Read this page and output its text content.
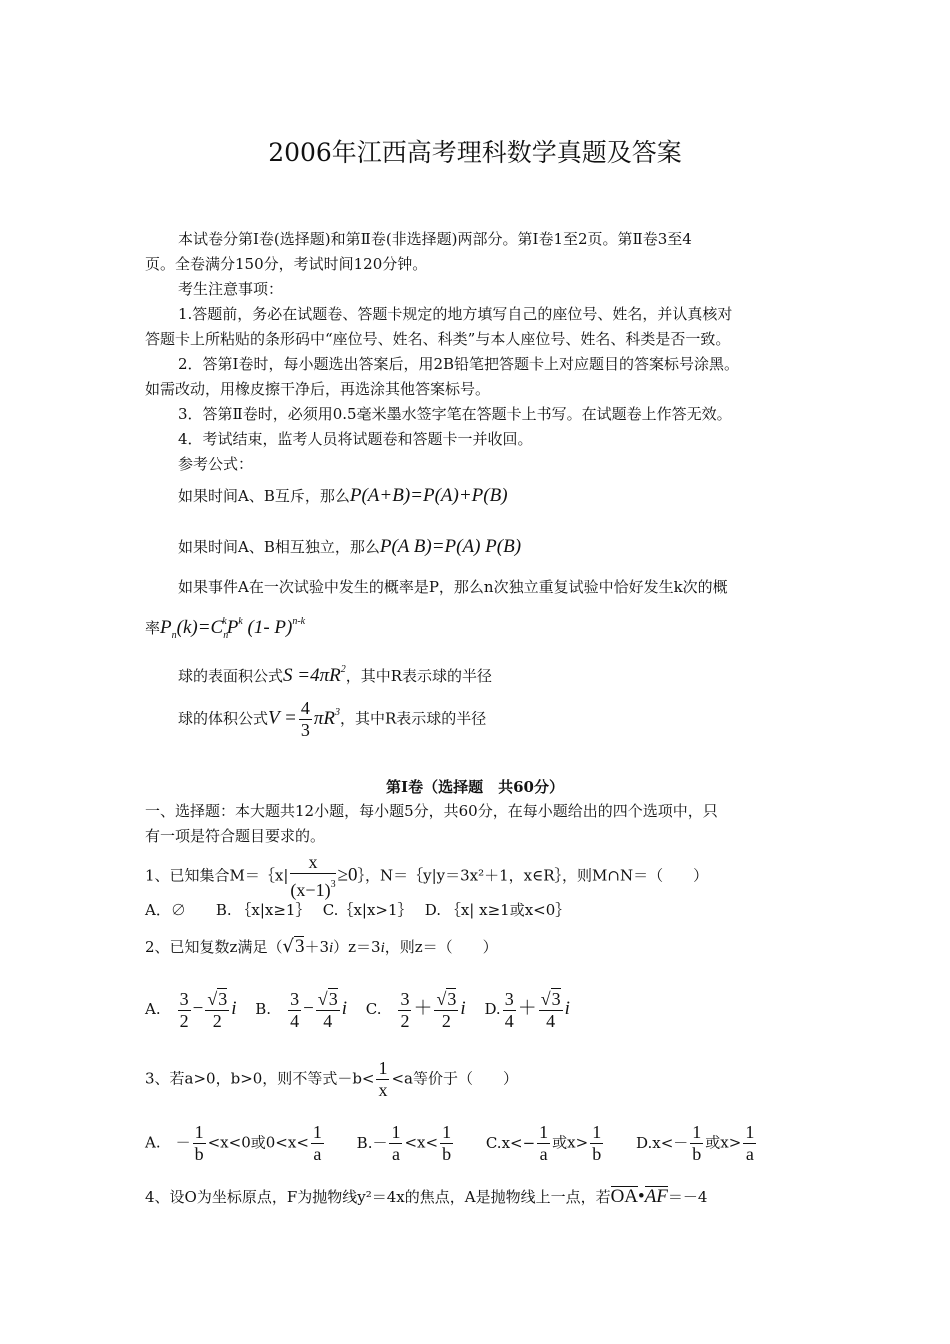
2006年江西高考理科数学真题及答案
本试卷分第Ⅰ卷(选择题)和第Ⅱ卷(非选择题)两部分。第Ⅰ卷1至2页。第Ⅱ卷3至4
页。全卷满分150分，考试时间120分钟。
考生注意事项：
1.答题前，务必在试题卷、答题卡规定的地方填写自己的座位号、姓名，并认真核对
答题卡上所粘贴的条形码中“座位号、姓名、科类”与本人座位号、姓名、科类是否一致。
2．答第Ⅰ卷时，每小题选出答案后，用2B铅笔把答题卡上对应题目的答案标号涂黑。
如需改动，用橡皮擦干净后，再选涂其他答案标号。
3．答第Ⅱ卷时，必须用0.5毫米墨水签字笔在答题卡上书写。在试题卷上作答无效。
4．考试结束，监考人员将试题卷和答题卡一并收回。
参考公式：
如果时间A、B互斥，那么P(A+B)=P(A)+P(B)
如果时间A、B相互独立，那么P(A B)=P(A) P(B)
如果事件A在一次试验中发生的概率是P，那么n次独立重复试验中恰好发生k次的概
率$P_n(k)=C_n^kP^k$ (1- P)$^{n-k}$
球的表面积公式$S =4\pi R^2$，其中R表示球的半径
球的体积公式$V = \frac{4}{3} \pi R^3$，其中R表示球的半径
第Ⅰ卷（选择题　共60分）
一、选择题：本大题共12小题，每小题5分，共60分，在每小题给出的四个选项中，只
有一项是符合题目要求的。
1、已知集合M＝｛x| $\frac{x}{(x-1)^3}$ ≥0｝，N＝｛y|y＝3x²＋1，x∈R｝，则M∩N＝（　　）
A．∅　　B. ｛x|x≥1｝　 C.｛x|x>1｝　 D. ｛x| x≥1或x<0｝
2、已知复数z满足（√3＋3i）z＝3i，则z＝（　　）
A.　 $\frac{3}{2} - \frac{√3}{2}$ i B.　 $\frac{3}{4} - \frac{√3}{4}$ i C.　 $\frac{3}{2} + \frac{√3}{2}$ i D. $\frac{3}{4} + \frac{√3}{4}$ i
3、若a>0，b>0，则不等式$-b< \frac{1}{x} <a$等价于（　　）
A.　－ $\frac{1}{b} <x<0$或$0<x< \frac{1}{a} B.- \frac{1}{a} <x< \frac{1}{b} C.x<- \frac{1}{a}$ 或$x> \frac{1}{b} D.x<- \frac{1}{b}$ 或$x> \frac{1}{a}$
4、设O为坐标原点，F为抛物线y²＝4x的焦点，A是抛物线上一点，若OA•AF＝－4
